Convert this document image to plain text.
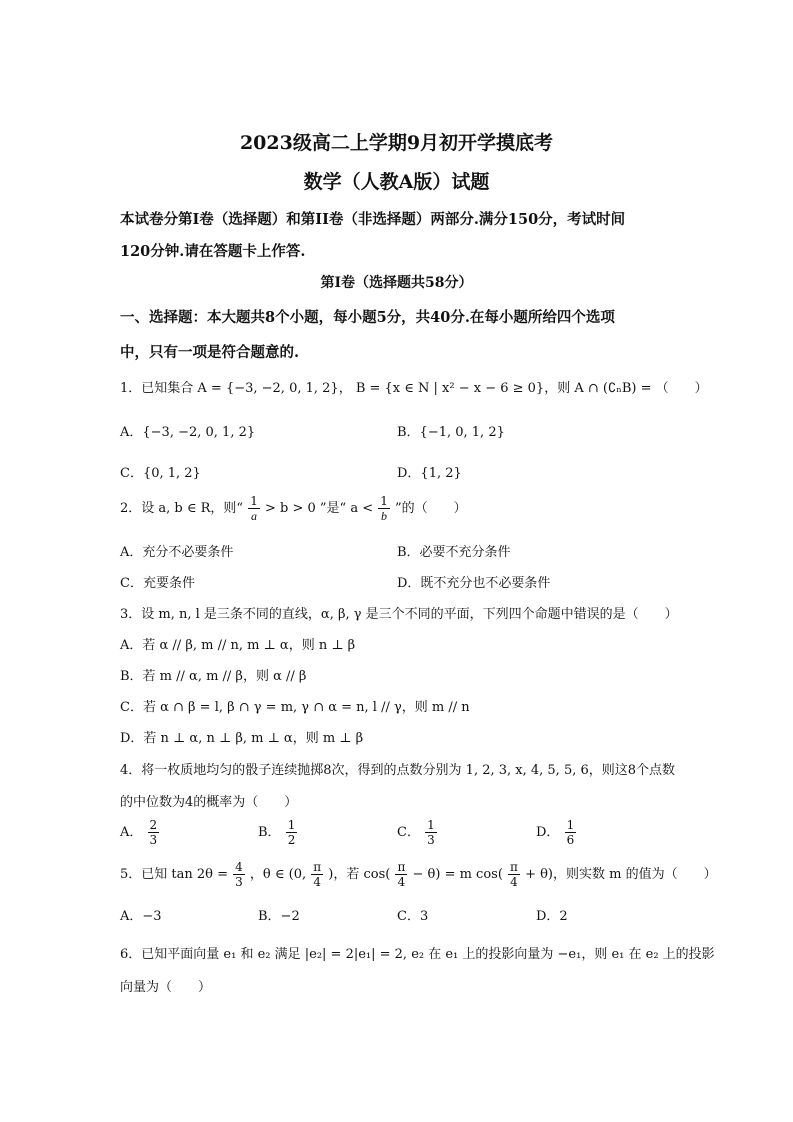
2023级高二上学期9月初开学摸底考
数学（人教A版）试题
本试卷分第I卷（选择题）和第II卷（非选择题）两部分.满分150分，考试时间
120分钟.请在答题卡上作答.
第I卷（选择题共58分）
一、选择题：本大题共8个小题，每小题5分，共40分.在每小题所给四个选项
中，只有一项是符合题意的.
1．已知集合 A = {−3, −2, 0, 1, 2}， B = {x ∈ N | x² − x − 6 ≥ 0}，则 A ∩ (∁ₙB) = （　　）
A．{−3, −2, 0, 1, 2}	B．{−1, 0, 1, 2}
C．{0, 1, 2}	D．{1, 2}
2．设 a, b ∈ R，则“ $\frac{1}{a} > b > 0$ ”是“ $a < \frac{1}{b}$ ”的（　　）
A．充分不必要条件	B．必要不充分条件
C．充要条件	D．既不充分也不必要条件
3．设 m, n, l 是三条不同的直线，α, β, γ 是三个不同的平面，下列四个命题中错误的是（　　）
A．若 α // β, m // n, m ⊥ α，则 n ⊥ β
B．若 m // α, m // β，则 α // β
C．若 α ∩ β = l, β ∩ γ = m, γ ∩ α = n, l // γ，则 m // n
D．若 n ⊥ α, n ⊥ β, m ⊥ α，则 m ⊥ β
4．将一枚质地均匀的骰子连续抛掷8次，得到的点数分别为 1, 2, 3, x, 4, 5, 5, 6，则这8个点数
的中位数为4的概率为（　　）
A． $\frac{2}{3}$	B． $\frac{1}{2}$	C． $\frac{1}{3}$	D． $\frac{1}{6}$
5．已知 $\tan 2\theta = \frac{4}{3}$ ，θ ∈ (0, $\frac{\pi}{4}$ )，若 $\cos( \frac{\pi}{4} - \theta) = m$ $\cos( \frac{\pi}{4} + \theta)$，则实数 m 的值为（　　）
A．−3	B．−2	C．3	D．2
6．已知平面向量 e₁ 和 e₂ 满足 |e₂| = 2|e₁| = 2, e₂ 在 e₁ 上的投影向量为 −e₁，则 e₁ 在 e₂ 上的投影
向量为（　　）
